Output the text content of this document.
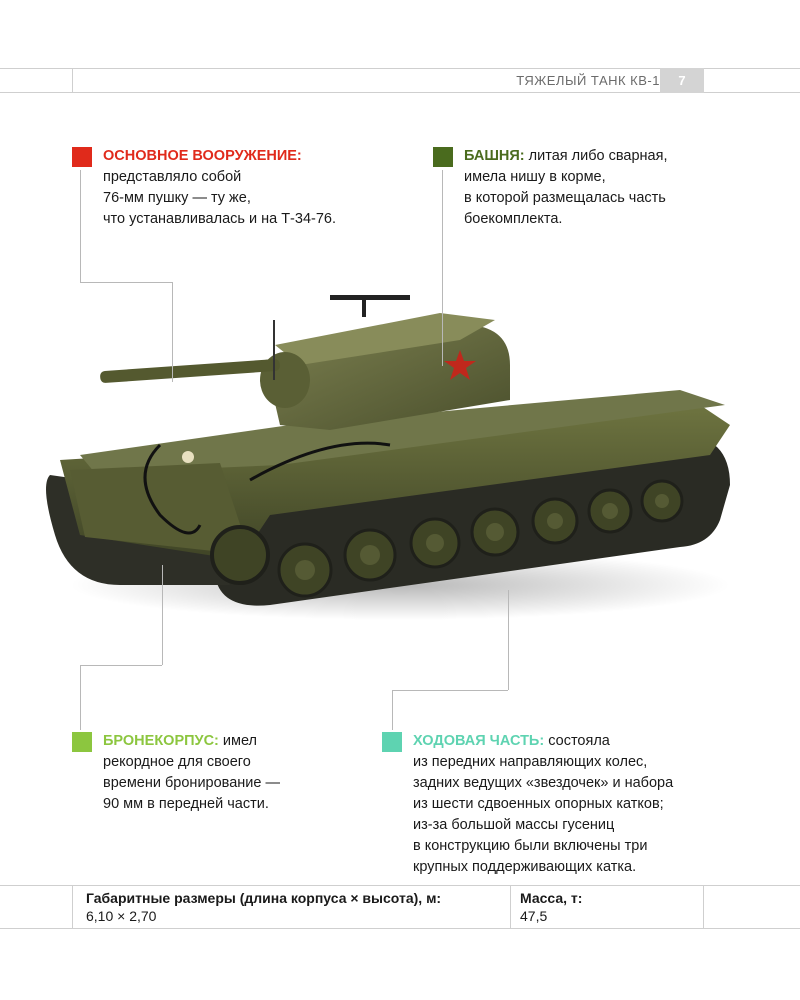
ТЯЖЕЛЫЙ ТАНК КВ-1	7
ОСНОВНОЕ ВООРУЖЕНИЕ:
представляло собой
76-мм пушку — ту же,
что устанавливалась и на Т-34-76.
БАШНЯ: литая либо сварная,
имела нишу в корме,
в которой размещалась часть
боекомплекта.
БРОНЕКОРПУС: имел
рекордное для своего
времени бронирование —
90 мм в передней части.
ХОДОВАЯ ЧАСТЬ: состояла
из передних направляющих колес,
задних ведущих «звездочек» и набора
из шести сдвоенных опорных катков;
из-за большой массы гусениц
в конструкцию были включены три
крупных поддерживающих катка.
Габаритные размеры (длина корпуса × высота), м:
6,10 × 2,70
Масса, т:
47,5
